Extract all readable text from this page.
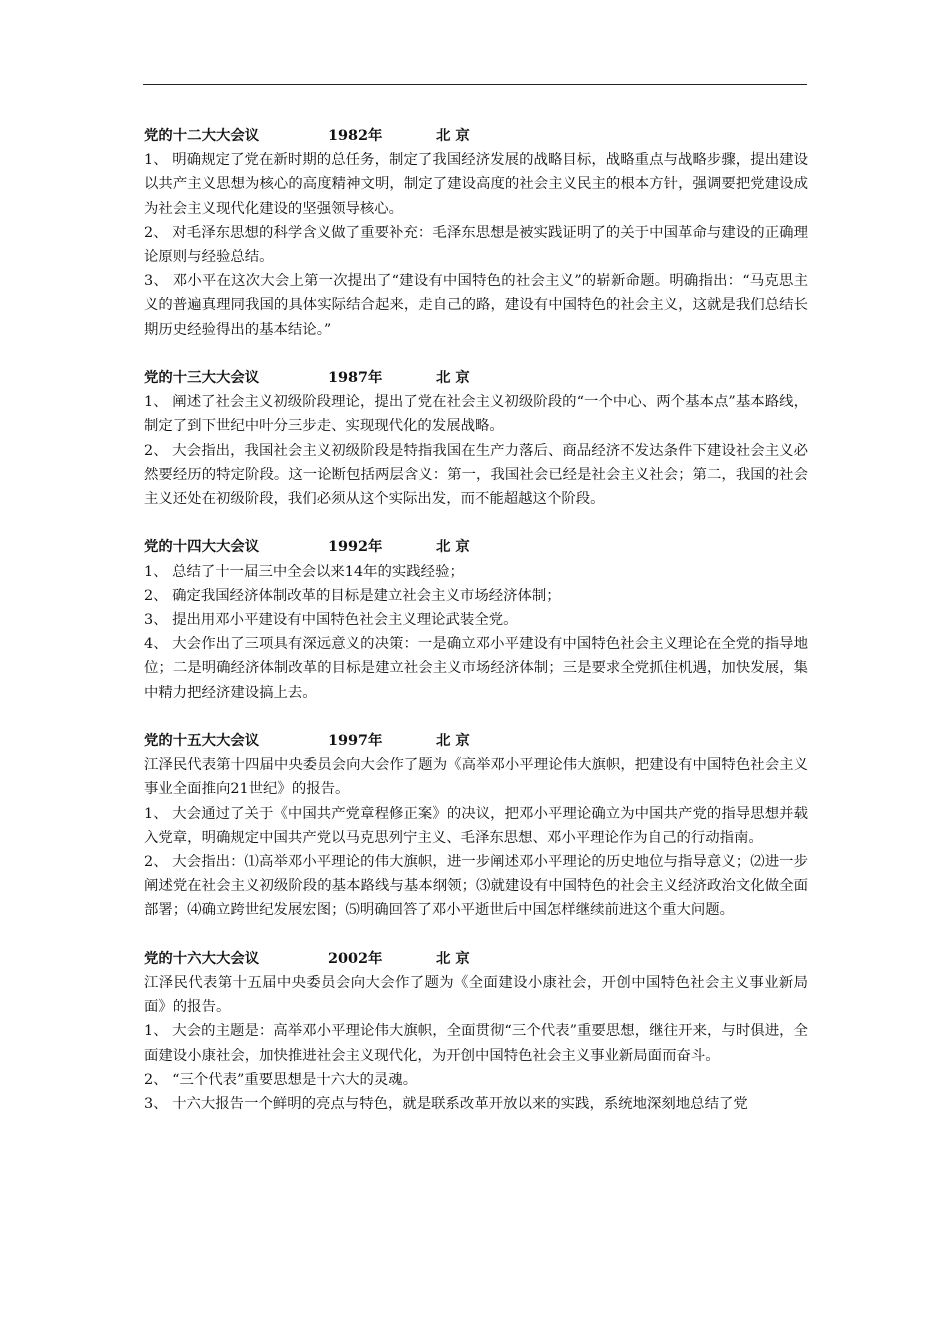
党的十二大大会议	1982年	北 京

1、 明确规定了党在新时期的总任务，制定了我国经济发展的战略目标，战略重点与战略步骤，提出建设以共产主义思想为核心的高度精神文明，制定了建设高度的社会主义民主的根本方针，强调要把党建设成为社会主义现代化建设的坚强领导核心。

2、 对毛泽东思想的科学含义做了重要补充：毛泽东思想是被实践证明了的关于中国革命与建设的正确理论原则与经验总结。

3、 邓小平在这次大会上第一次提出了“建设有中国特色的社会主义”的崭新命题。明确指出：“马克思主义的普遍真理同我国的具体实际结合起来，走自己的路，建设有中国特色的社会主义，这就是我们总结长期历史经验得出的基本结论。”

党的十三大大会议	1987年	北 京

1、 阐述了社会主义初级阶段理论，提出了党在社会主义初级阶段的“一个中心、两个基本点”基本路线，制定了到下世纪中叶分三步走、实现现代化的发展战略。

2、 大会指出，我国社会主义初级阶段是特指我国在生产力落后、商品经济不发达条件下建设社会主义必然要经历的特定阶段。这一论断包括两层含义：第一，我国社会已经是社会主义社会；第二，我国的社会主义还处在初级阶段，我们必须从这个实际出发，而不能超越这个阶段。

党的十四大大会议	1992年	北 京

1、 总结了十一届三中全会以来14年的实践经验；

2、 确定我国经济体制改革的目标是建立社会主义市场经济体制；

3、 提出用邓小平建设有中国特色社会主义理论武装全党。

4、 大会作出了三项具有深远意义的决策：一是确立邓小平建设有中国特色社会主义理论在全党的指导地位；二是明确经济体制改革的目标是建立社会主义市场经济体制；三是要求全党抓住机遇，加快发展，集中精力把经济建设搞上去。

党的十五大大会议	1997年	北 京

江泽民代表第十四届中央委员会向大会作了题为《高举邓小平理论伟大旗帜，把建设有中国特色社会主义事业全面推向21世纪》的报告。

1、 大会通过了关于《中国共产党章程修正案》的决议，把邓小平理论确立为中国共产党的指导思想并载入党章，明确规定中国共产党以马克思列宁主义、毛泽东思想、邓小平理论作为自己的行动指南。

2、 大会指出：⑴高举邓小平理论的伟大旗帜，进一步阐述邓小平理论的历史地位与指导意义；⑵进一步阐述党在社会主义初级阶段的基本路线与基本纲领；⑶就建设有中国特色的社会主义经济政治文化做全面部署；⑷确立跨世纪发展宏图；⑸明确回答了邓小平逝世后中国怎样继续前进这个重大问题。

党的十六大大会议	2002年	北 京

江泽民代表第十五届中央委员会向大会作了题为《全面建设小康社会，开创中国特色社会主义事业新局面》的报告。

1、 大会的主题是：高举邓小平理论伟大旗帜，全面贯彻“三个代表”重要思想，继往开来，与时俱进，全面建设小康社会，加快推进社会主义现代化，为开创中国特色社会主义事业新局面而奋斗。

2、 “三个代表”重要思想是十六大的灵魂。

3、 十六大报告一个鲜明的亮点与特色，就是联系改革开放以来的实践，系统地深刻地总结了党
